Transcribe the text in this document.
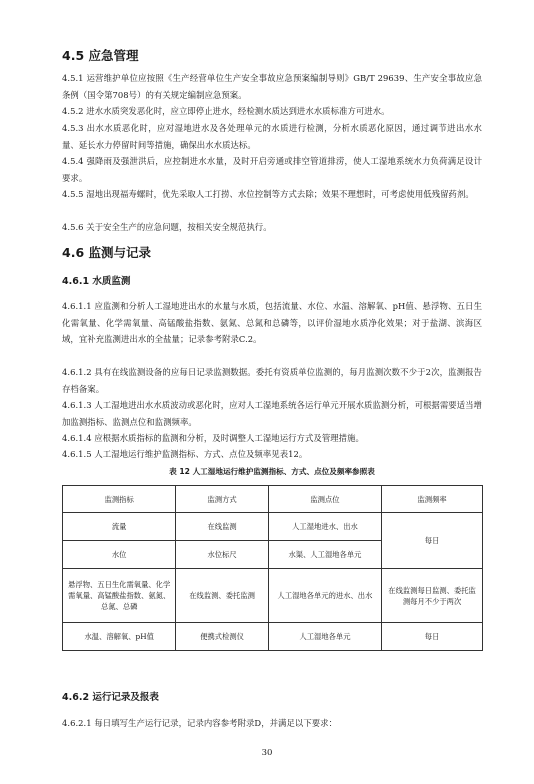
4.5 应急管理

4.5.1 运营维护单位应按照《生产经营单位生产安全事故应急预案编制导则》GB/T 29639、生产安全事故应急条例（国令第708号）的有关规定编制应急预案。

4.5.2 进水水质突发恶化时，应立即停止进水，经检测水质达到进水水质标准方可进水。

4.5.3 出水水质恶化时，应对湿地进水及各处理单元的水质进行检测，分析水质恶化原因，通过调节进出水水量、延长水力停留时间等措施，确保出水水质达标。

4.5.4 强降雨及强泄洪后，应控制进水水量，及时开启旁通或排空管道排涝，使人工湿地系统水力负荷满足设计要求。

4.5.5 湿地出现福寿螺时，优先采取人工打捞、水位控制等方式去除；效果不理想时，可考虑使用低残留药剂。

4.5.6 关于安全生产的应急问题，按相关安全规范执行。

4.6 监测与记录
4.6.1 水质监测

4.6.1.1 应监测和分析人工湿地进出水的水量与水质，包括流量、水位、水温、溶解氧、pH值、悬浮物、五日生化需氧量、化学需氧量、高锰酸盐指数、氨氮、总氮和总磷等，以评价湿地水质净化效果；对于盐湖、滨海区域，宜补充监测进出水的全盐量；记录参考附录C.2。

4.6.1.2 具有在线监测设备的应每日记录监测数据。委托有资质单位监测的，每月监测次数不少于2次，监测报告存档备案。

4.6.1.3 人工湿地进出水水质波动或恶化时，应对人工湿地系统各运行单元开展水质监测分析，可根据需要适当增加监测指标、监测点位和监测频率。

4.6.1.4 应根据水质指标的监测和分析，及时调整人工湿地运行方式及管理措施。

4.6.1.5 人工湿地运行维护监测指标、方式、点位及频率见表12。

表 12 人工湿地运行维护监测指标、方式、点位及频率参照表
监测指标	监测方式	监测点位	监测频率
流量	在线监测	人工湿地进水、出水	每日
水位	水位标尺	水渠、人工湿地各单元	
悬浮物、五日生化需氧量、化学需氧量、高锰酸盐指数、氨氮、总氮、总磷	在线监测、委托监测	人工湿地各单元的进水、出水	在线监测每日监测、委托监测每月不少于两次
水温、溶解氧、pH值	便携式检测仪	人工湿地各单元	每日
4.6.2 运行记录及报表

4.6.2.1 每日填写生产运行记录，记录内容参考附录D，并满足以下要求：

30
